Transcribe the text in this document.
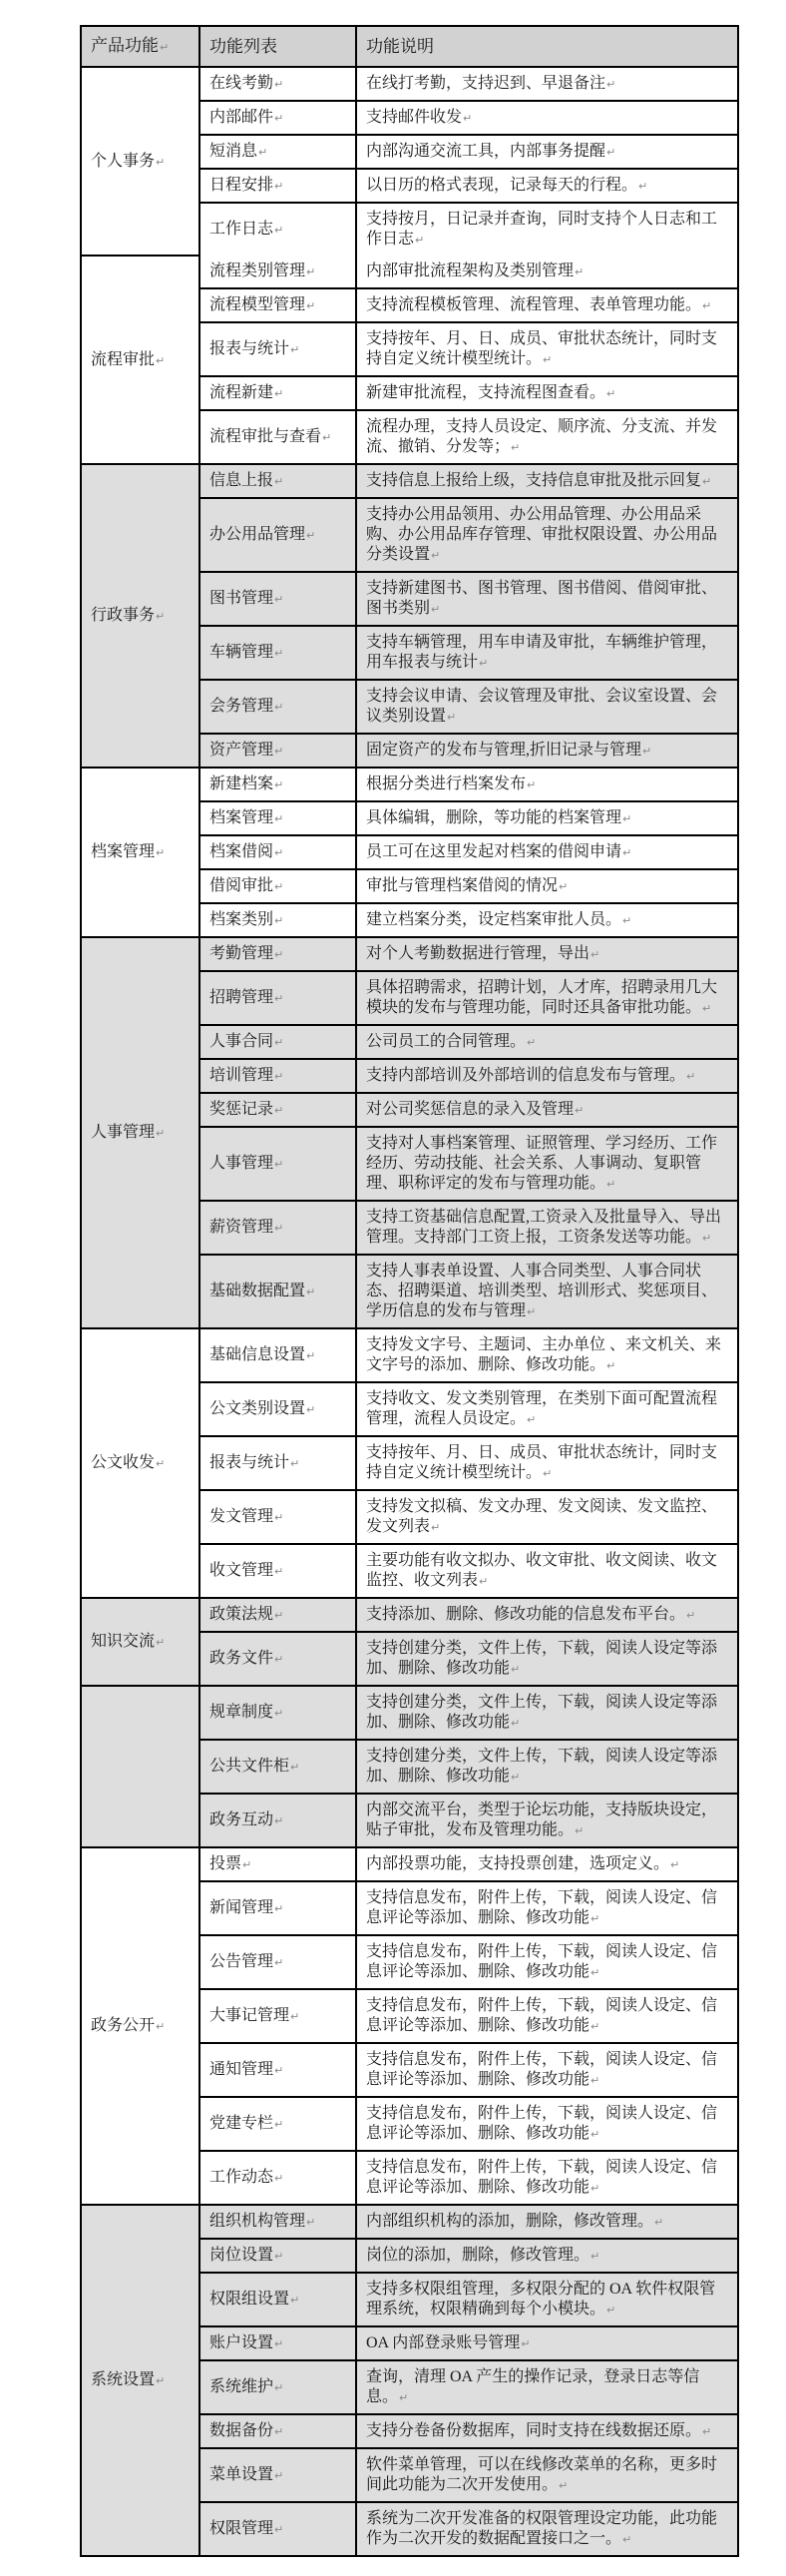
产品功能↵	功能列表	功能说明
个人事务↵	在线考勤↵	在线打考勤，支持迟到、早退备注↵
	内部邮件↵	支持邮件收发↵
	短消息↵	内部沟通交流工具，内部事务提醒↵
	日程安排↵	以日历的格式表现，记录每天的行程。↵
	工作日志↵	支持按月，日记录并查询，同时支持个人日志和工作日志↵
流程审批↵	流程类别管理↵	内部审批流程架构及类别管理↵
	流程模型管理↵	支持流程模板管理、流程管理、表单管理功能。↵
	报表与统计↵	支持按年、月、日、成员、审批状态统计，同时支持自定义统计模型统计。↵
	流程新建↵	新建审批流程，支持流程图查看。↵
	流程审批与查看↵	流程办理，支持人员设定、顺序流、分支流、并发流、撤销、分发等；↵
行政事务↵	信息上报↵	支持信息上报给上级，支持信息审批及批示回复↵
	办公用品管理↵	支持办公用品领用、办公用品管理、办公用品采购、办公用品库存管理、审批权限设置、办公用品分类设置↵
	图书管理↵	支持新建图书、图书管理、图书借阅、借阅审批、图书类别↵
	车辆管理↵	支持车辆管理，用车申请及审批，车辆维护管理，用车报表与统计↵
	会务管理↵	支持会议申请、会议管理及审批、会议室设置、会议类别设置↵
	资产管理↵	固定资产的发布与管理,折旧记录与管理↵
档案管理↵	新建档案↵	根据分类进行档案发布↵
	档案管理↵	具体编辑，删除，等功能的档案管理↵
	档案借阅↵	员工可在这里发起对档案的借阅申请↵
	借阅审批↵	审批与管理档案借阅的情况↵
	档案类别↵	建立档案分类，设定档案审批人员。↵
人事管理↵	考勤管理↵	对个人考勤数据进行管理，导出↵
	招聘管理↵	具体招聘需求，招聘计划，人才库，招聘录用几大模块的发布与管理功能，同时还具备审批功能。↵
	人事合同↵	公司员工的合同管理。↵
	培训管理↵	支持内部培训及外部培训的信息发布与管理。↵
	奖惩记录↵	对公司奖惩信息的录入及管理↵
	人事管理↵	支持对人事档案管理、证照管理、学习经历、工作经历、劳动技能、社会关系、人事调动、复职管理、职称评定的发布与管理功能。↵
	薪资管理↵	支持工资基础信息配置,工资录入及批量导入、导出管理。支持部门工资上报，工资条发送等功能。↵
	基础数据配置↵	支持人事表单设置、人事合同类型、人事合同状态、招聘渠道、培训类型、培训形式、奖惩项目、学历信息的发布与管理↵
公文收发↵	基础信息设置↵	支持发文字号、主题词、主办单位 、来文机关、来文字号的添加、删除、修改功能。↵
	公文类别设置↵	支持收文、发文类别管理，在类别下面可配置流程管理，流程人员设定。↵
	报表与统计↵	支持按年、月、日、成员、审批状态统计，同时支持自定义统计模型统计。↵
	发文管理↵	支持发文拟稿、发文办理、发文阅读、发文监控、发文列表↵
	收文管理↵	主要功能有收文拟办、收文审批、收文阅读、收文监控、收文列表↵
知识交流↵	政策法规↵	支持添加、删除、修改功能的信息发布平台。↵
	政务文件↵	支持创建分类，文件上传，下载，阅读人设定等添加、删除、修改功能↵
	规章制度↵	支持创建分类，文件上传，下载，阅读人设定等添加、删除、修改功能↵
	公共文件柜↵	支持创建分类，文件上传，下载，阅读人设定等添加、删除、修改功能↵
	政务互动↵	内部交流平台，类型于论坛功能，支持版块设定，贴子审批，发布及管理功能。↵
政务公开↵	投票↵	内部投票功能，支持投票创建，选项定义。↵
	新闻管理↵	支持信息发布，附件上传，下载，阅读人设定、信息评论等添加、删除、修改功能↵
	公告管理↵	支持信息发布，附件上传，下载，阅读人设定、信息评论等添加、删除、修改功能↵
	大事记管理↵	支持信息发布，附件上传，下载，阅读人设定、信息评论等添加、删除、修改功能↵
	通知管理↵	支持信息发布，附件上传，下载，阅读人设定、信息评论等添加、删除、修改功能↵
	党建专栏↵	支持信息发布，附件上传，下载，阅读人设定、信息评论等添加、删除、修改功能↵
	工作动态↵	支持信息发布，附件上传，下载，阅读人设定、信息评论等添加、删除、修改功能↵
系统设置↵	组织机构管理↵	内部组织机构的添加，删除，修改管理。↵
	岗位设置↵	岗位的添加，删除，修改管理。↵
	权限组设置↵	支持多权限组管理，多权限分配的 OA 软件权限管理系统，权限精确到每个小模块。↵
	账户设置↵	OA 内部登录账号管理↵
	系统维护↵	查询，清理 OA 产生的操作记录，登录日志等信息。↵
	数据备份↵	支持分卷备份数据库，同时支持在线数据还原。↵
	菜单设置↵	软件菜单管理，可以在线修改菜单的名称，更多时间此功能为二次开发使用。↵
	权限管理↵	系统为二次开发准备的权限管理设定功能，此功能作为二次开发的数据配置接口之一。↵
